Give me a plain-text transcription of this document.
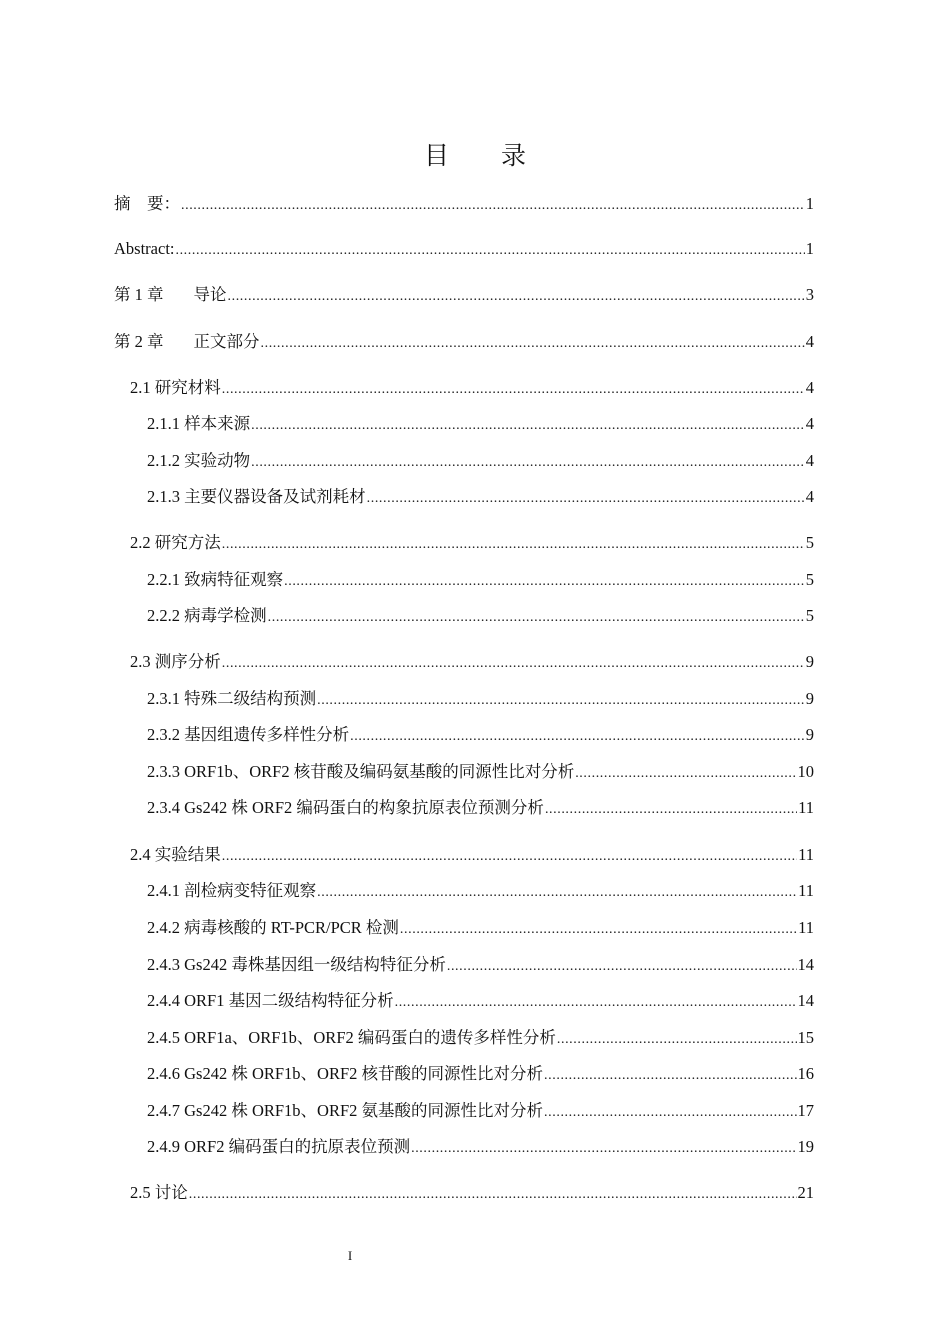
目 录
摘　要： .....	1
Abstract: .....	1
第 1 章 导论 .....	3
第 2 章 正文部分 .....	4
2.1 研究材料 .....	4
2.1.1 样本来源 .....	4
2.1.2 实验动物 .....	4
2.1.3 主要仪器设备及试剂耗材 .....	4
2.2 研究方法 .....	5
2.2.1 致病特征观察 .....	5
2.2.2 病毒学检测 .....	5
2.3 测序分析 .....	9
2.3.1 特殊二级结构预测 .....	9
2.3.2 基因组遗传多样性分析 .....	9
2.3.3 ORF1b、ORF2 核苷酸及编码氨基酸的同源性比对分析 .....	10
2.3.4 Gs242 株 ORF2 编码蛋白的构象抗原表位预测分析 .....	11
2.4 实验结果 .....	11
2.4.1 剖检病变特征观察 .....	11
2.4.2 病毒核酸的 RT-PCR/PCR 检测 .....	11
2.4.3 Gs242 毒株基因组一级结构特征分析 .....	14
2.4.4 ORF1 基因二级结构特征分析 .....	14
2.4.5 ORF1a、ORF1b、ORF2 编码蛋白的遗传多样性分析 .....	15
2.4.6 Gs242 株 ORF1b、ORF2 核苷酸的同源性比对分析 .....	16
2.4.7 Gs242 株 ORF1b、ORF2 氨基酸的同源性比对分析 .....	17
2.4.9 ORF2 编码蛋白的抗原表位预测 .....	19
2.5 讨论 .....	21
I
